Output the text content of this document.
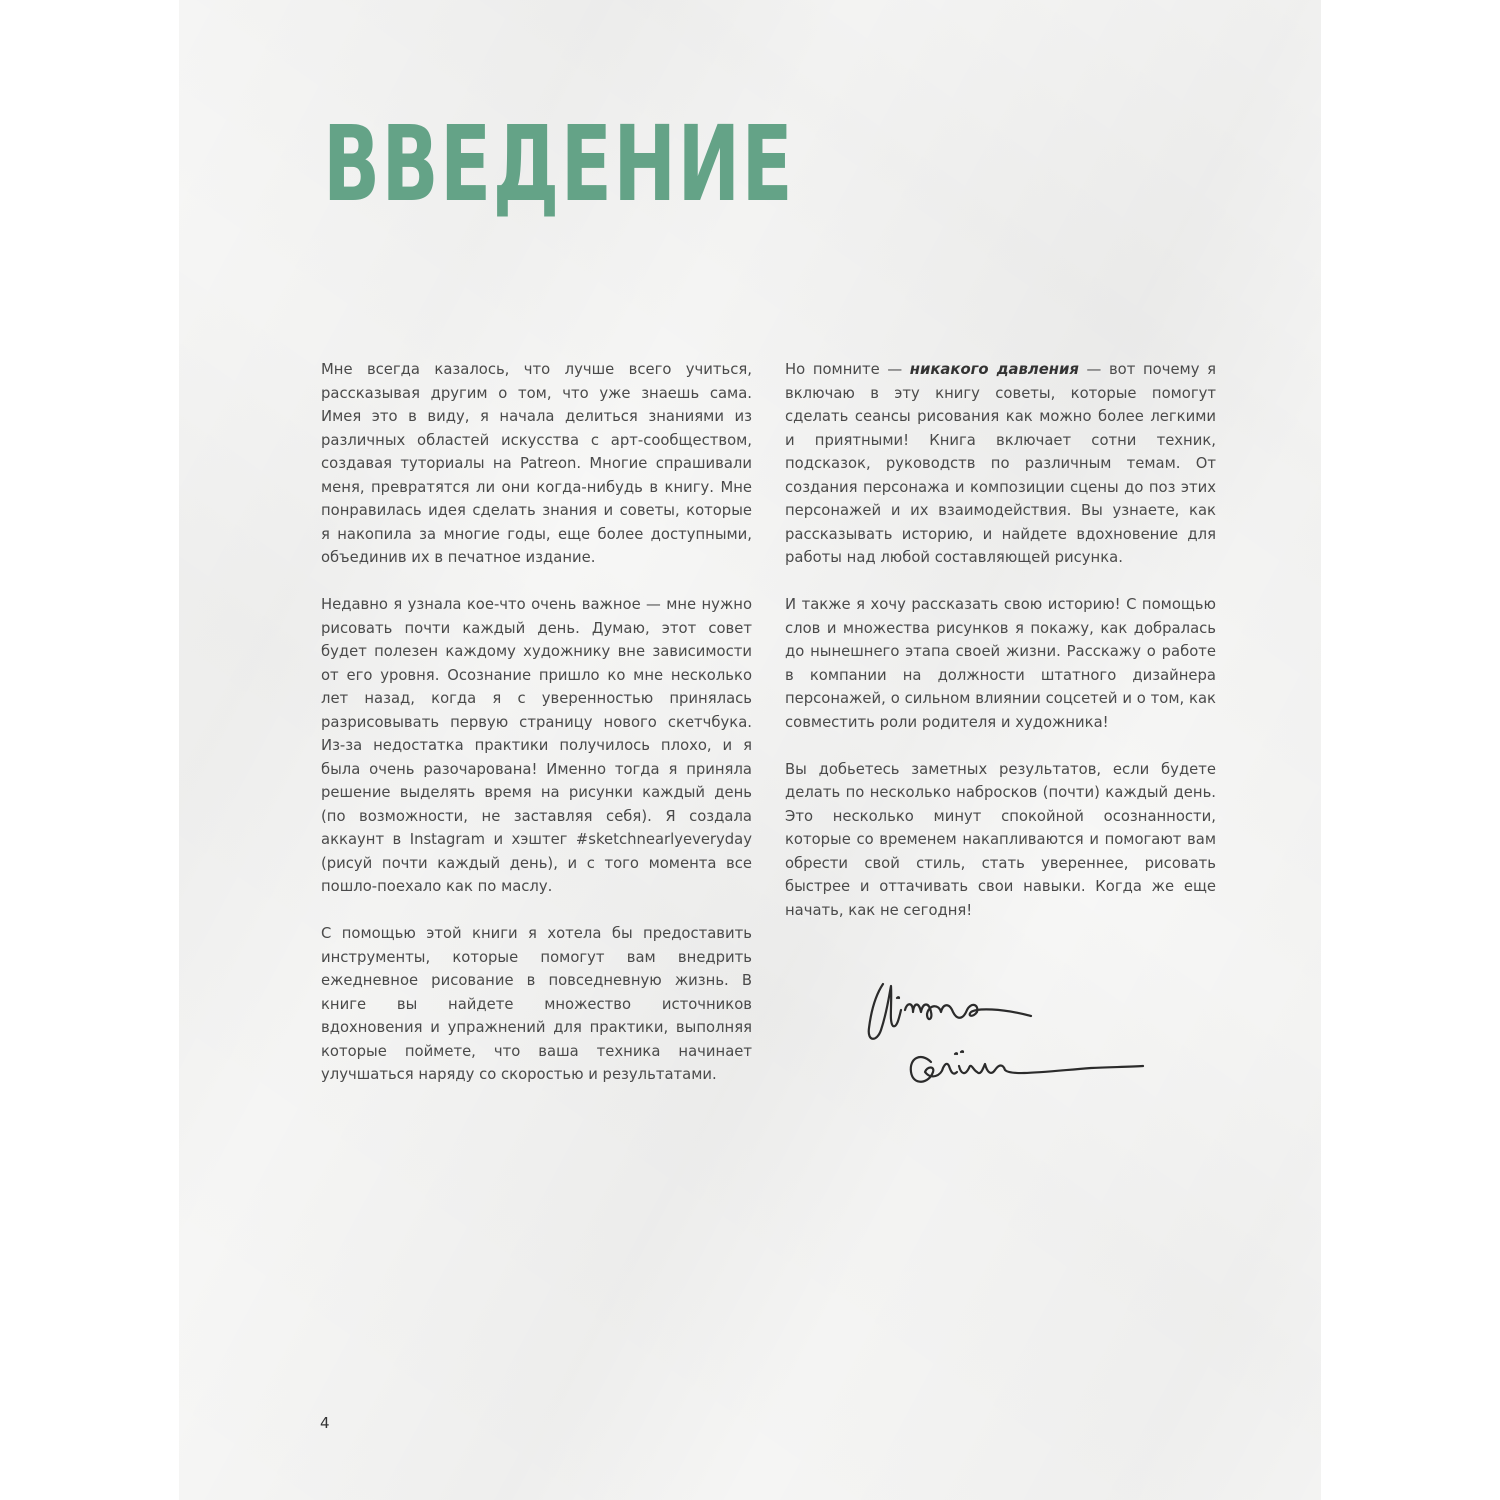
ВВЕДЕНИЕ

Мне всегда казалось, что лучше всего учиться, рассказывая другим о том, что уже знаешь сама. Имея это в виду, я начала делиться знаниями из различных областей искусства с арт-сообществом, создавая туториалы на Patreon. Многие спрашивали меня, превратятся ли они когда-нибудь в книгу. Мне понравилась идея сделать знания и советы, которые я накопила за многие годы, еще более доступными, объединив их в печатное издание.

Недавно я узнала кое-что очень важное — мне нужно рисовать почти каждый день. Думаю, этот совет будет полезен каждому художнику вне зависимости от его уровня. Осознание пришло ко мне несколько лет назад, когда я с уверенностью принялась разрисовывать первую страницу нового скетчбука. Из-за недостатка практики получилось плохо, и я была очень разочарована! Именно тогда я приняла решение выделять время на рисунки каждый день (по возможности, не заставляя себя). Я создала аккаунт в Instagram и хэштег #sketchnearlyeveryday (рисуй почти каждый день), и с того момента все пошло-поехало как по маслу.

С помощью этой книги я хотела бы предоставить инструменты, которые помогут вам внедрить ежедневное рисование в повседневную жизнь. В книге вы найдете множество источников вдохновения и упражнений для практики, выполняя которые поймете, что ваша техника начинает улучшаться наряду со скоростью и результатами.

Но помните — никакого давления — вот почему я включаю в эту книгу советы, которые помогут сделать сеансы рисования как можно более легкими и приятными! Книга включает сотни техник, подсказок, руководств по различным темам. От создания персонажа и композиции сцены до поз этих персонажей и их взаимодействия. Вы узнаете, как рассказывать историю, и найдете вдохновение для работы над любой составляющей рисунка.

И также я хочу рассказать свою историю! С помощью слов и множества рисунков я покажу, как добралась до нынешнего этапа своей жизни. Расскажу о работе в компании на должности штатного дизайнера персонажей, о сильном влиянии соцсетей и о том, как совместить роли родителя и художника!

Вы добьетесь заметных результатов, если будете делать по несколько набросков (почти) каждый день. Это несколько минут спокойной осознанности, которые со временем накапливаются и помогают вам обрести свой стиль, стать увереннее, рисовать быстрее и оттачивать свои навыки. Когда же еще начать, как не сегодня!

4
